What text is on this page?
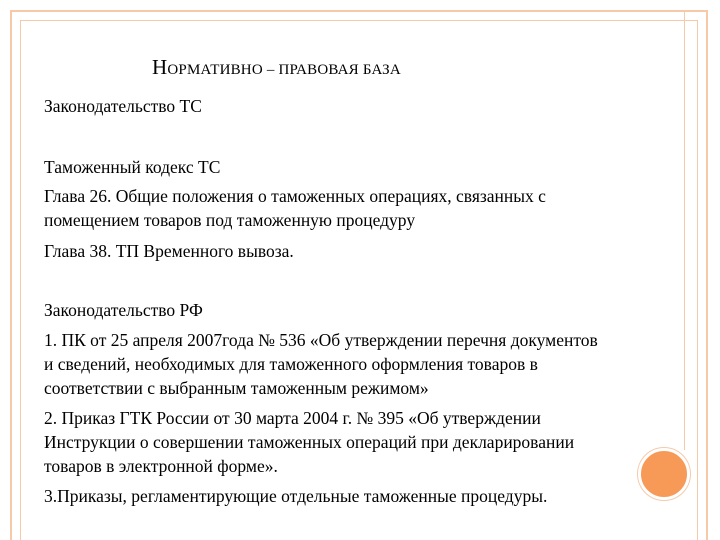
НОРМАТИВНО – ПРАВОВАЯ БАЗА
Законодательство ТС
Таможенный кодекс ТС
Глава 26. Общие положения о таможенных операциях, связанных с
помещением товаров под таможенную процедуру
Глава 38. ТП Временного вывоза.
Законодательство РФ
1. ПК от 25 апреля 2007года № 536 «Об утверждении перечня документов
и сведений, необходимых для таможенного оформления товаров в
соответствии с выбранным таможенным режимом»
2. Приказ ГТК России от 30 марта 2004 г. № 395 «Об утверждении
Инструкции о совершении таможенных операций при декларировании
товаров в электронной форме».
3.Приказы, регламентирующие отдельные таможенные процедуры.
